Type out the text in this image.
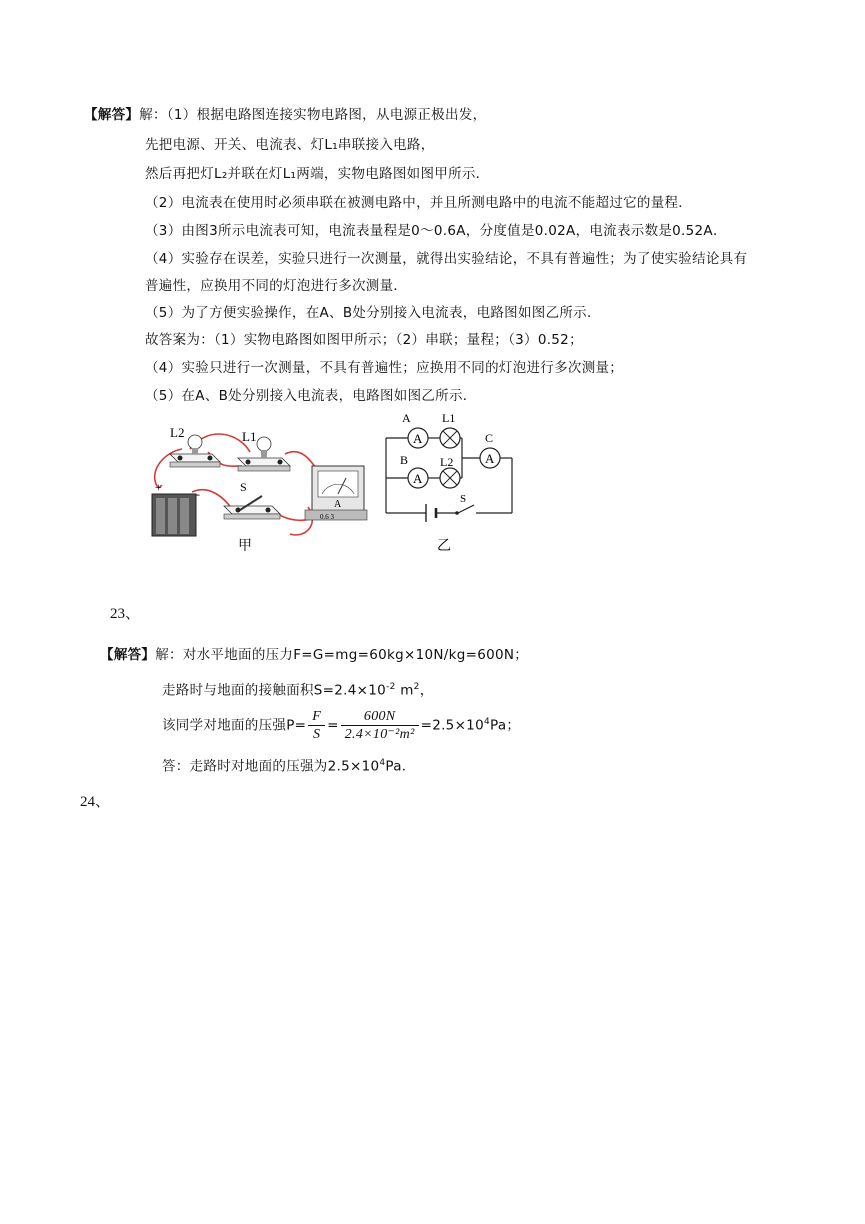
【解答】解：（1）根据电路图连接实物电路图，从电源正极出发，
先把电源、开关、电流表、灯L₁串联接入电路，
然后再把灯L₂并联在灯L₁两端，实物电路图如图甲所示．
（2）电流表在使用时必须串联在被测电路中，并且所测电路中的电流不能超过它的量程．
（3）由图3所示电流表可知，电流表量程是0～0.6A，分度值是0.02A，电流表示数是0.52A．
（4）实验存在误差，实验只进行一次测量，就得出实验结论，不具有普遍性；为了使实验结论具有
普遍性，应换用不同的灯泡进行多次测量．
（5）为了方便实验操作，在A、B处分别接入电流表，电路图如图乙所示．
故答案为：（1）实物电路图如图甲所示；（2）串联；量程；（3）0.52；
（4）实验只进行一次测量，不具有普遍性；应换用不同的灯泡进行多次测量；
（5）在A、B处分别接入电流表，电路图如图乙所示．
L2	L1
+	-	S
A
0.6 3
甲
A
A
A
A	L1
B	L2
C
S
乙
23、
【解答】解：对水平地面的压力F=G=mg=60kg×10N/kg=600N；
走路时与地面的接触面积$S=2.4\times 10^{-2}$ $m^2$，
该同学对地面的压强$P= \frac{F}{S} = \frac{600N}{\text{2.4×10⁻²m²}} =2.5\times 10^4Pa$；
答：走路时对地面的压强为$2.5\times 10^4Pa$．
24、
